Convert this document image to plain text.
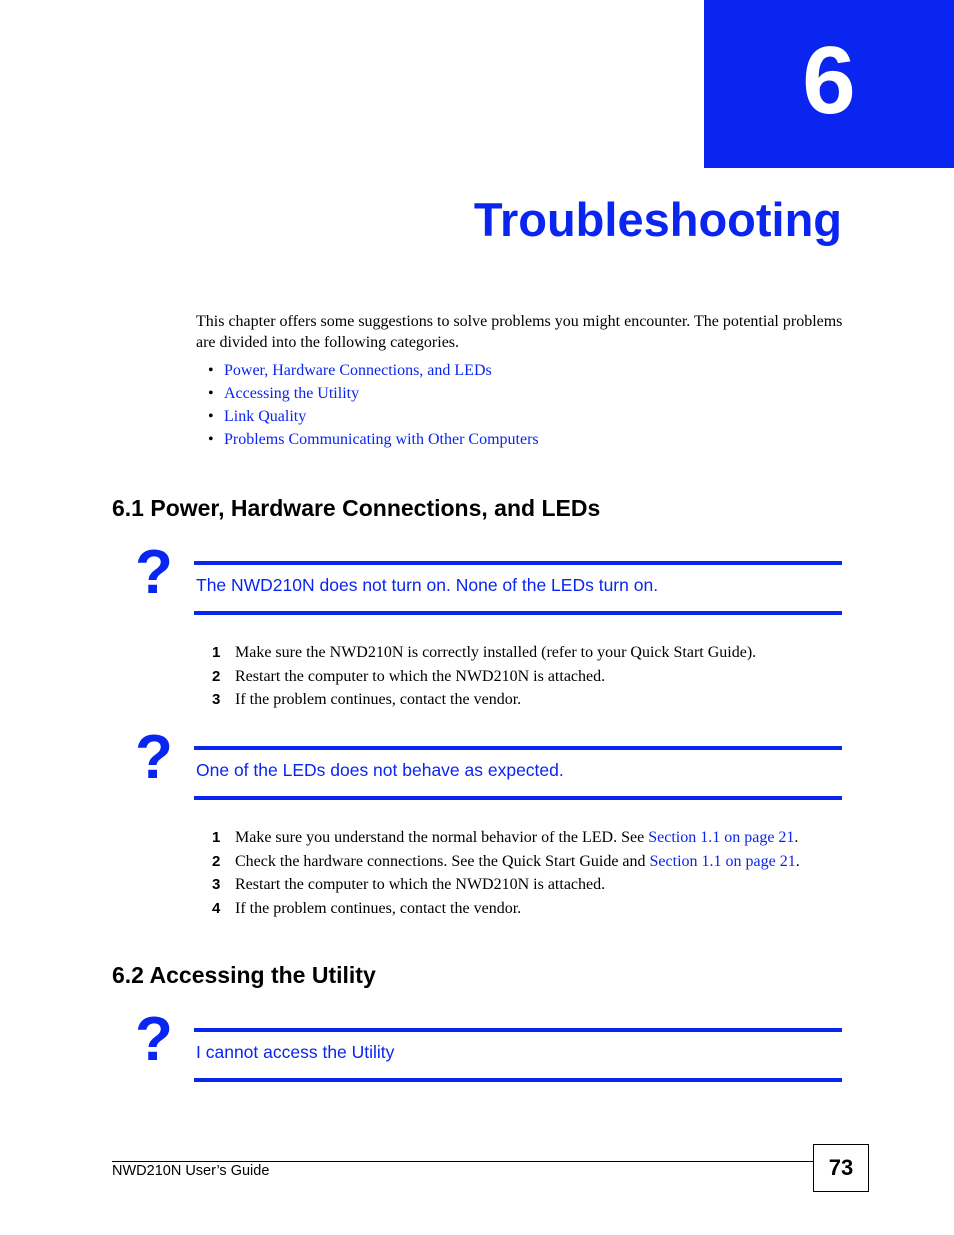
6
Troubleshooting

This chapter offers some suggestions to solve problems you might encounter. The potential problems are divided into the following categories.

• Power, Hardware Connections, and LEDs
• Accessing the Utility
• Link Quality
• Problems Communicating with Other Computers
6.1 Power, Hardware Connections, and LEDs
? The NWD210N does not turn on. None of the LEDs turn on.
1 Make sure the NWD210N is correctly installed (refer to your Quick Start Guide).
2 Restart the computer to which the NWD210N is attached.
3 If the problem continues, contact the vendor.
? One of the LEDs does not behave as expected.
1 Make sure you understand the normal behavior of the LED. See Section 1.1 on page 21.
2 Check the hardware connections. See the Quick Start Guide and Section 1.1 on page 21.
3 Restart the computer to which the NWD210N is attached.
4 If the problem continues, contact the vendor.
6.2 Accessing the Utility
? I cannot access the Utility
NWD210N User’s Guide	73
